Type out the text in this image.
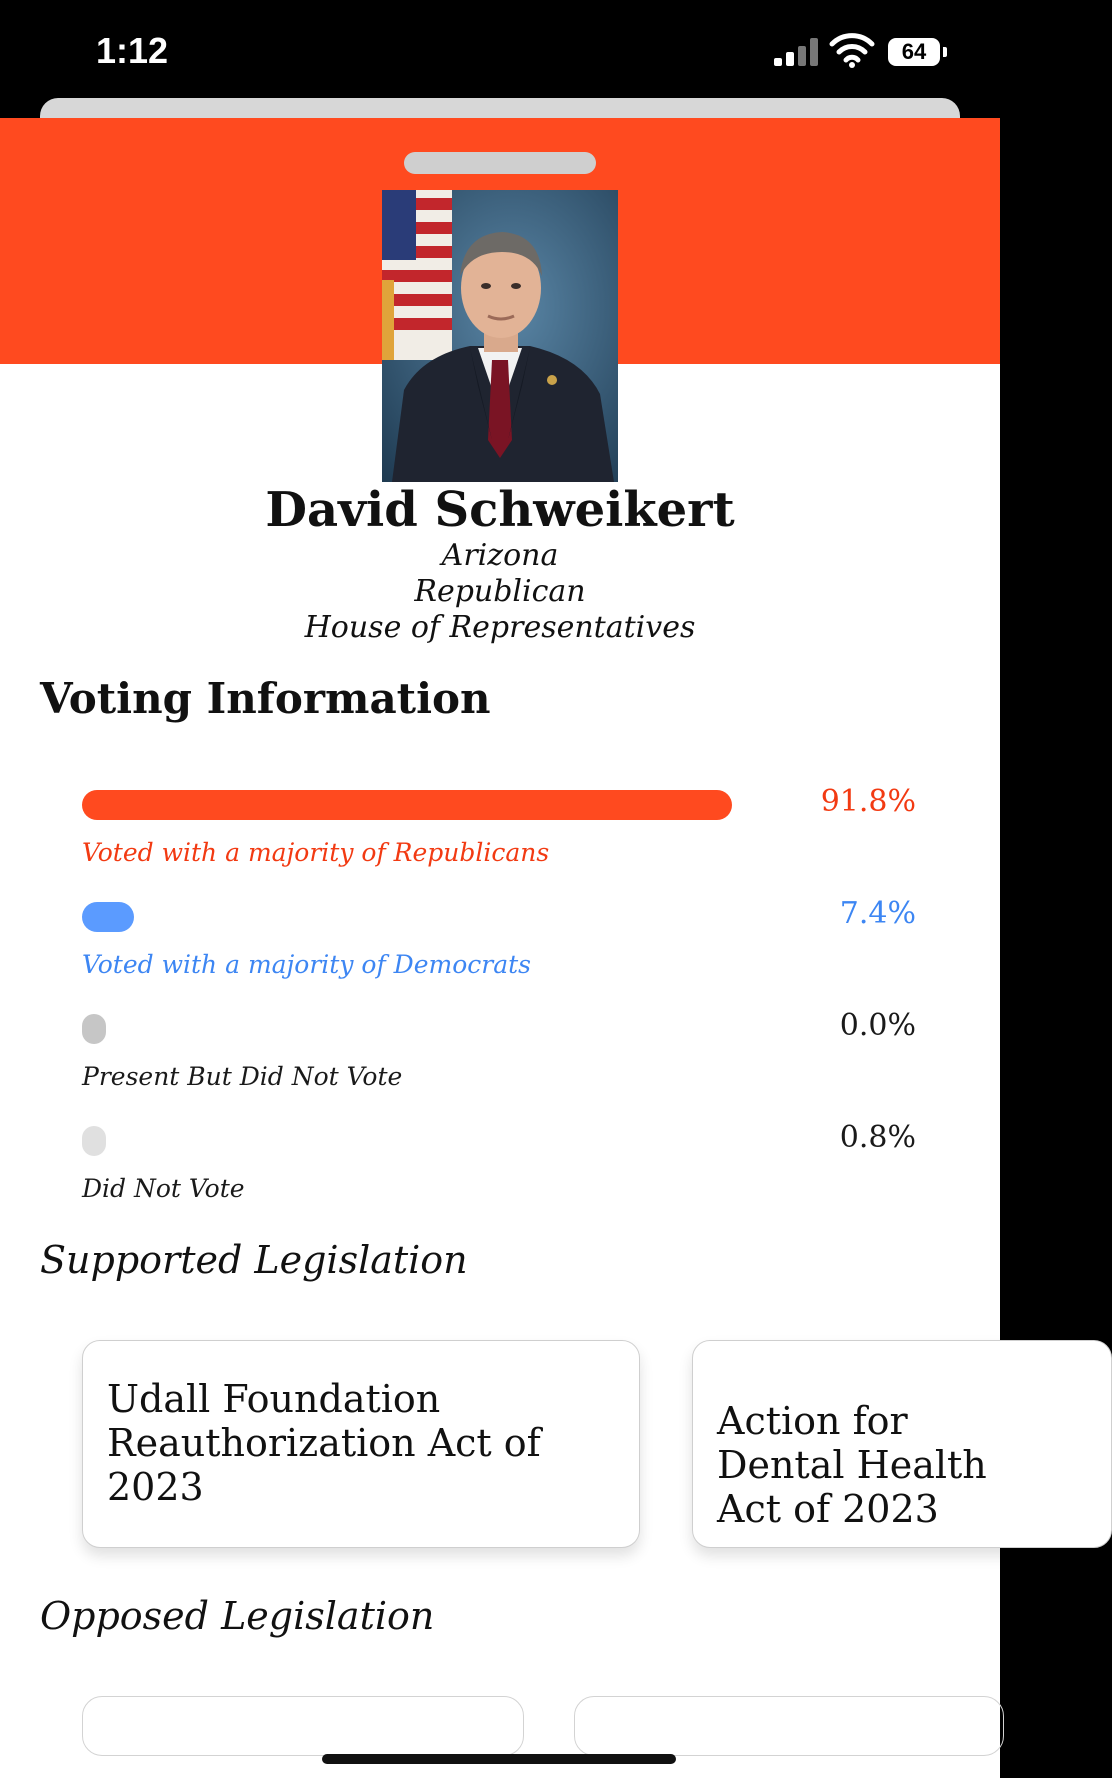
1:12	64
David Schweikert
Arizona
Republican
House of Representatives
Voting Information
91.8%
Voted with a majority of Republicans
7.4%
Voted with a majority of Democrats
0.0%
Present But Did Not Vote
0.8%
Did Not Vote
Supported Legislation
Udall Foundation Reauthorization Act of 2023
Action for Dental Health Act of 2023
Opposed Legislation
